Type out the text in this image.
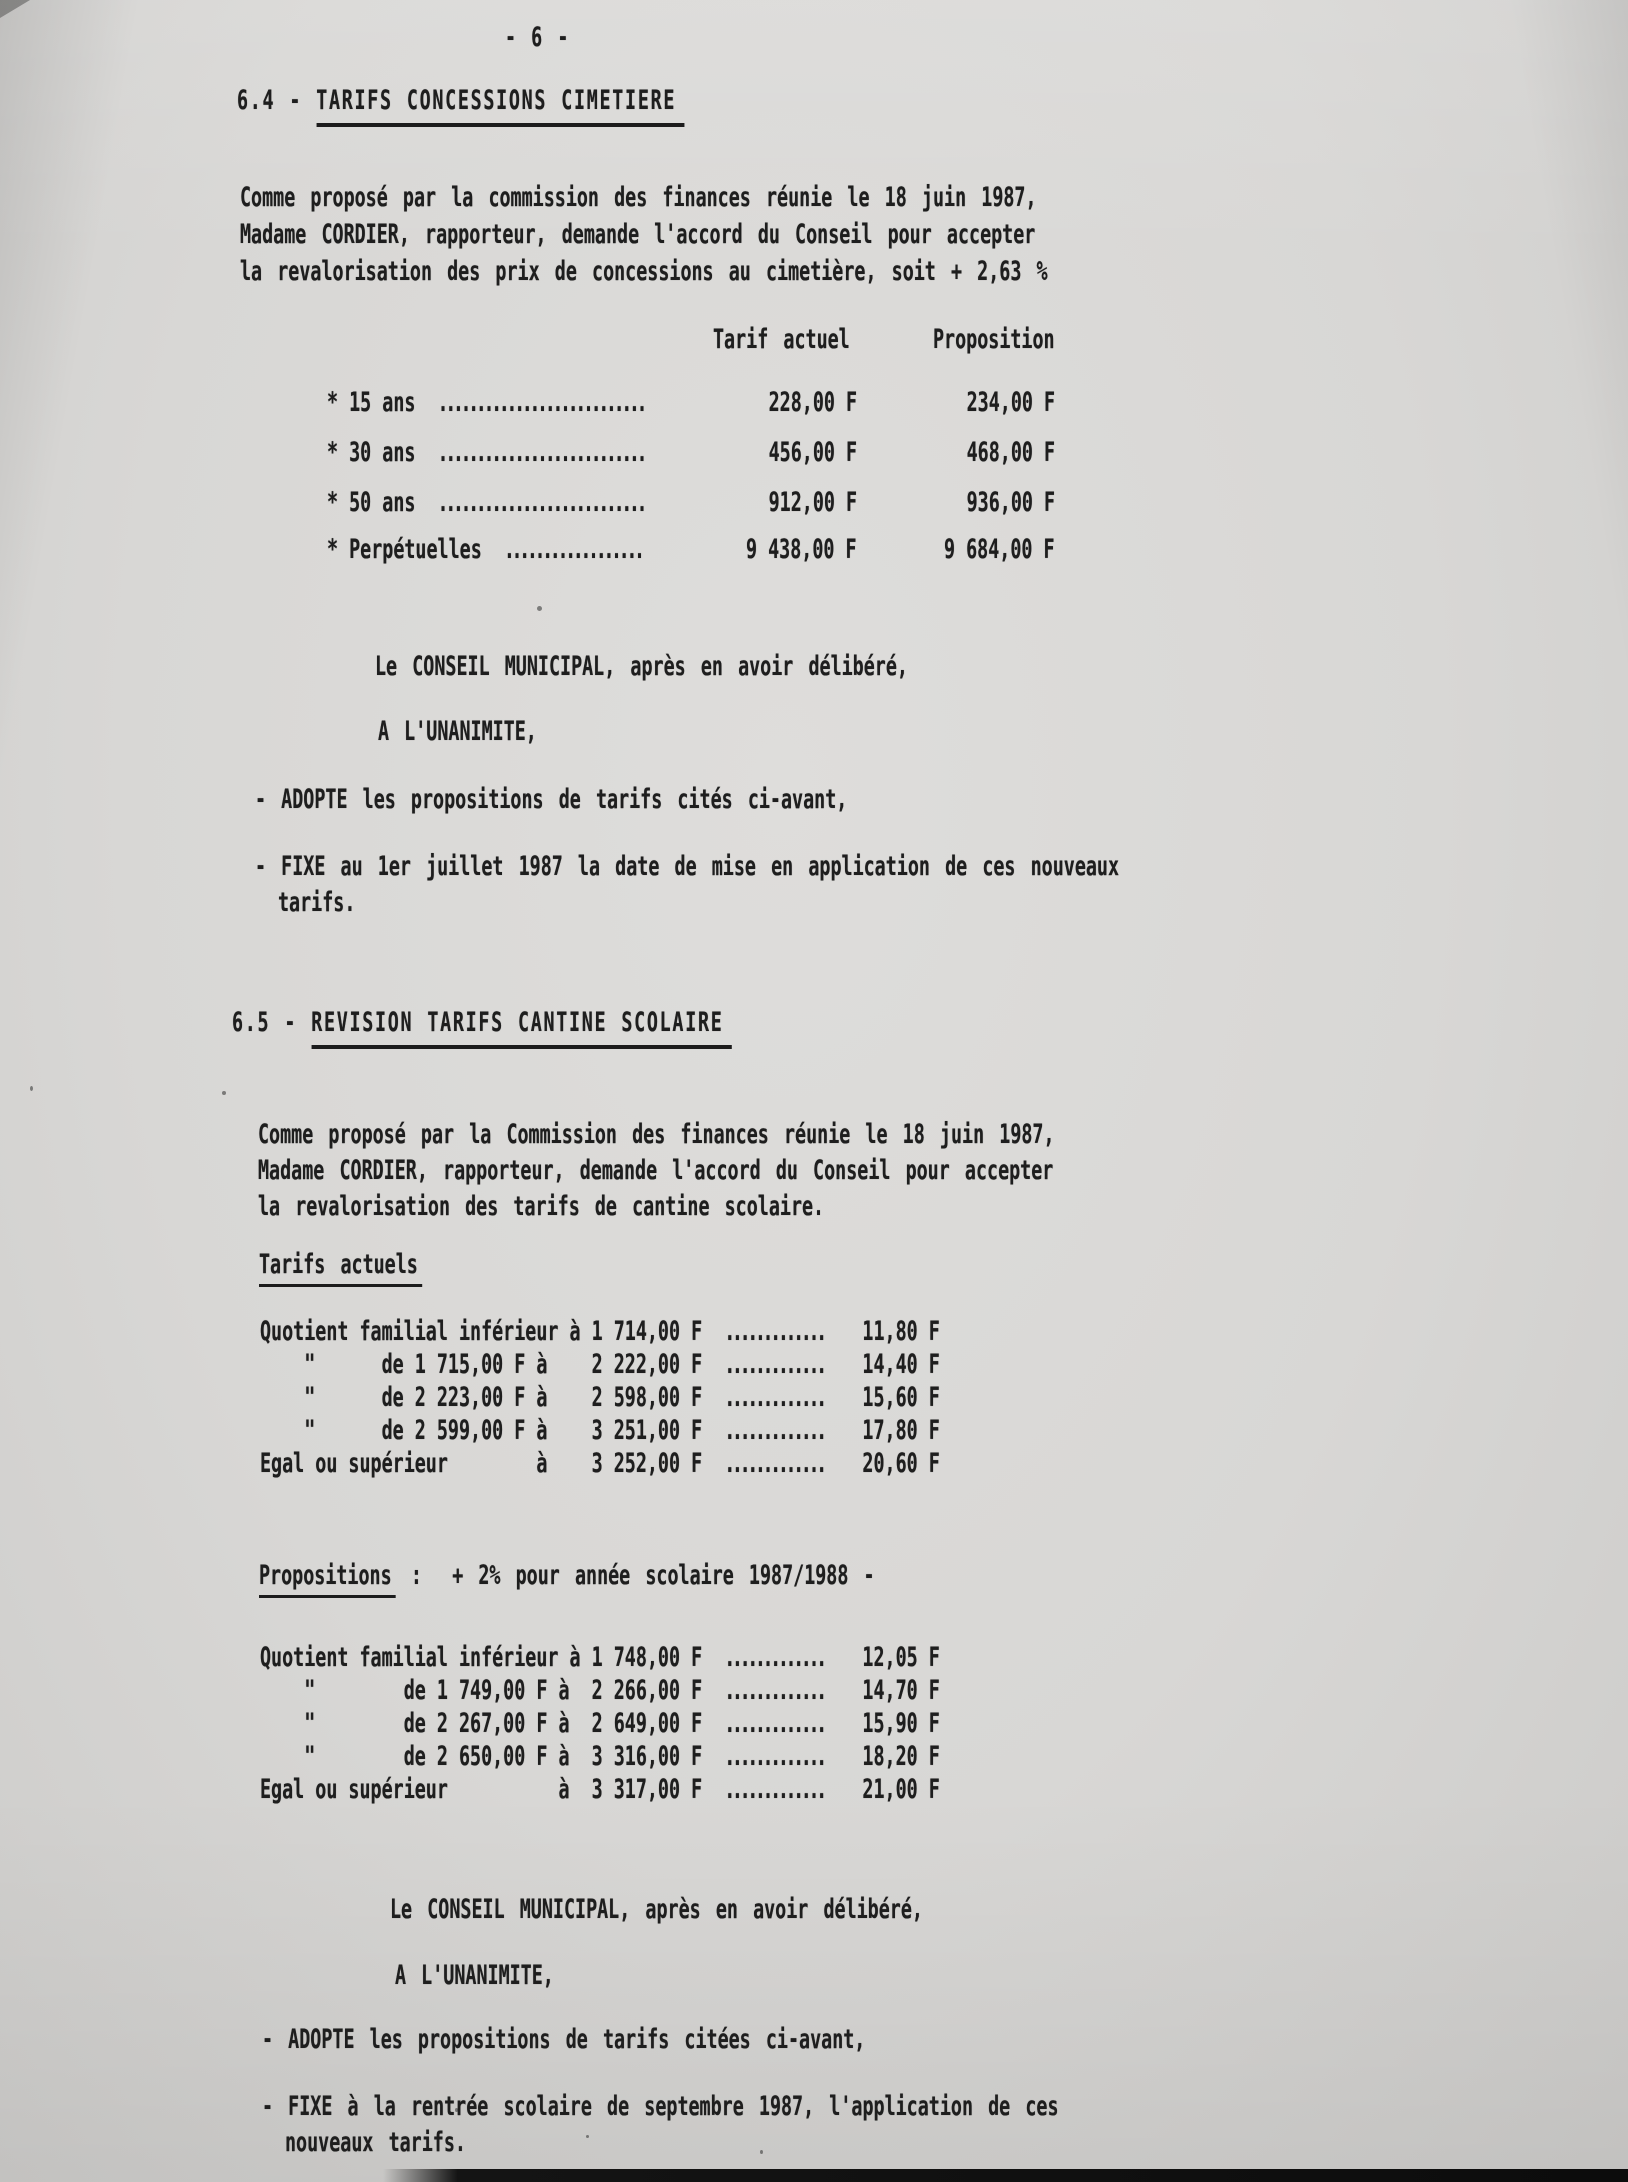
- 6 -
6.4 - TARIFS CONCESSIONS CIMETIERE
Comme proposé par la commission des finances réunie le 18 juin 1987,
Madame CORDIER, rapporteur, demande l'accord du Conseil pour accepter
la revalorisation des prix de concessions au cimetière, soit + 2,63 %
Tarif actuel	Proposition
* 15 ans  ...........................	228,00 F	234,00 F
* 30 ans  ...........................	456,00 F	468,00 F
* 50 ans  ...........................	912,00 F	936,00 F
* Perpétuelles  ..................	9 438,00 F	9 684,00 F
Le CONSEIL MUNICIPAL, après en avoir délibéré,
A L'UNANIMITE,
- ADOPTE les propositions de tarifs cités ci-avant,
- FIXE au 1er juillet 1987 la date de mise en application de ces nouveaux
tarifs.
6.5 - REVISION TARIFS CANTINE SCOLAIRE
Comme proposé par la Commission des finances réunie le 18 juin 1987,
Madame CORDIER, rapporteur, demande l'accord du Conseil pour accepter
la revalorisation des tarifs de cantine scolaire.
Tarifs actuels
Quotient familial inférieur à 1 714,00 F  ............. 11,80 F
"      de 1 715,00 F à    2 222,00 F  ............. 14,40 F
"      de 2 223,00 F à    2 598,00 F  ............. 15,60 F
"      de 2 599,00 F à    3 251,00 F  ............. 17,80 F
Egal ou supérieur        à    3 252,00 F  ............. 20,60 F
Propositions :  + 2% pour année scolaire 1987/1988 -
Quotient familial inférieur à 1 748,00 F  ............. 12,05 F
"        de 1 749,00 F à  2 266,00 F  ............. 14,70 F
"        de 2 267,00 F à  2 649,00 F  ............. 15,90 F
"        de 2 650,00 F à  3 316,00 F  ............. 18,20 F
Egal ou supérieur          à  3 317,00 F  ............. 21,00 F
Le CONSEIL MUNICIPAL, après en avoir délibéré,
A L'UNANIMITE,
- ADOPTE les propositions de tarifs citées ci-avant,
- FIXE à la rentrée scolaire de septembre 1987, l'application de ces
nouveaux tarifs.
